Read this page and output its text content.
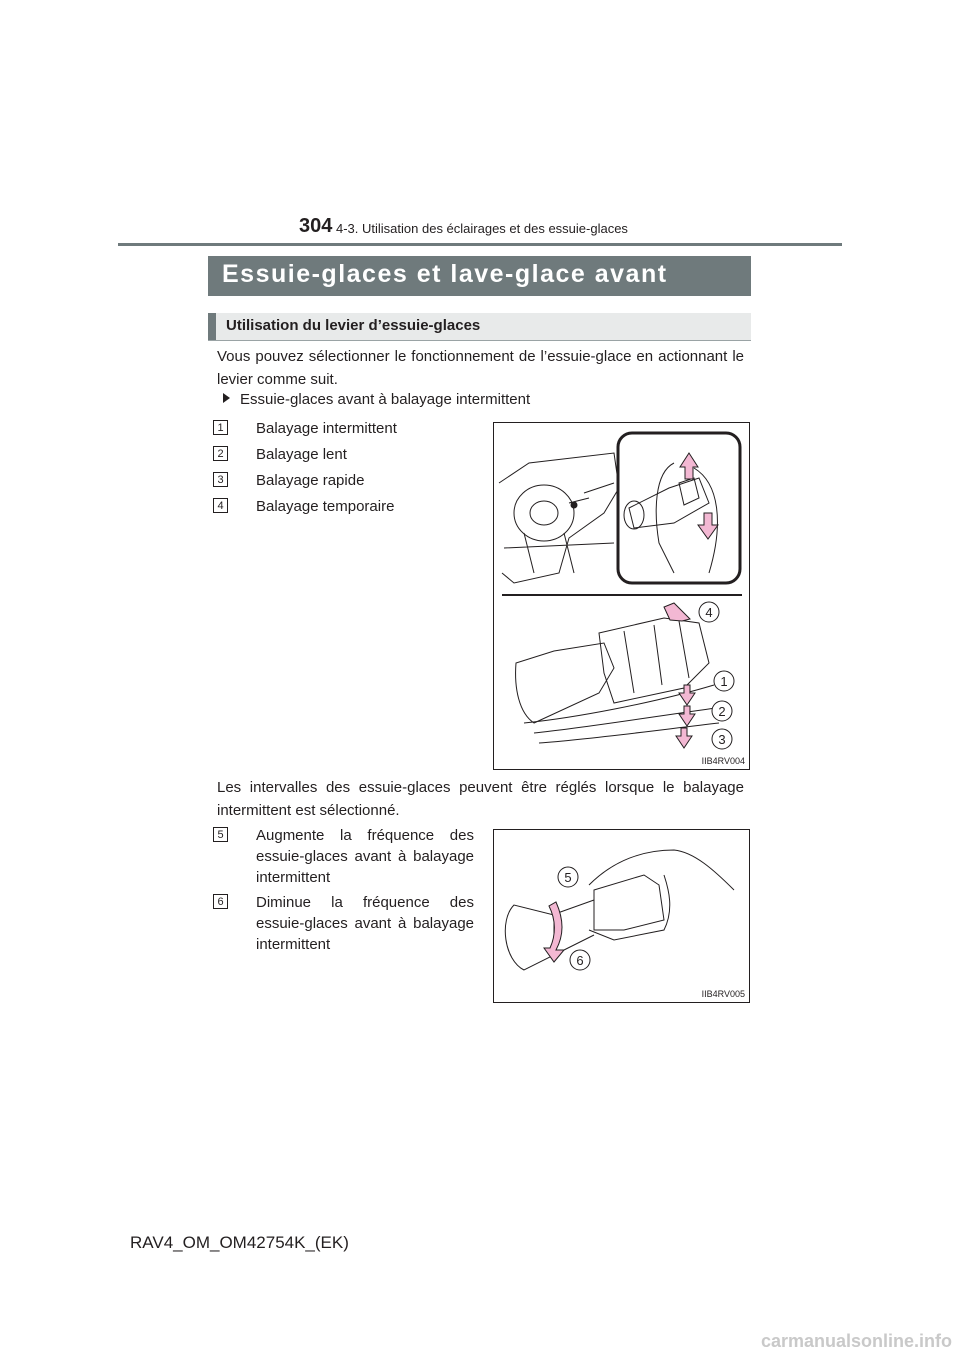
304 4-3. Utilisation des éclairages et des essuie-glaces
Essuie-glaces et lave-glace avant
Utilisation du levier d’essuie-glaces
Vous pouvez sélectionner le fonctionnement de l’essuie-glace en actionnant le levier comme suit.
Essuie-glaces avant à balayage intermittent
1 Balayage intermittent
2 Balayage lent
3 Balayage rapide
4 Balayage temporaire
4
1
2
3
IIB4RV004
Les intervalles des essuie-glaces peuvent être réglés lorsque le balayage intermittent est sélectionné.
5 Augmente la fréquence des essuie-glaces avant à balayage intermittent
6 Diminue la fréquence des essuie-glaces avant à balayage intermittent
5
6
IIB4RV005
RAV4_OM_OM42754K_(EK)
carmanualsonline.info
